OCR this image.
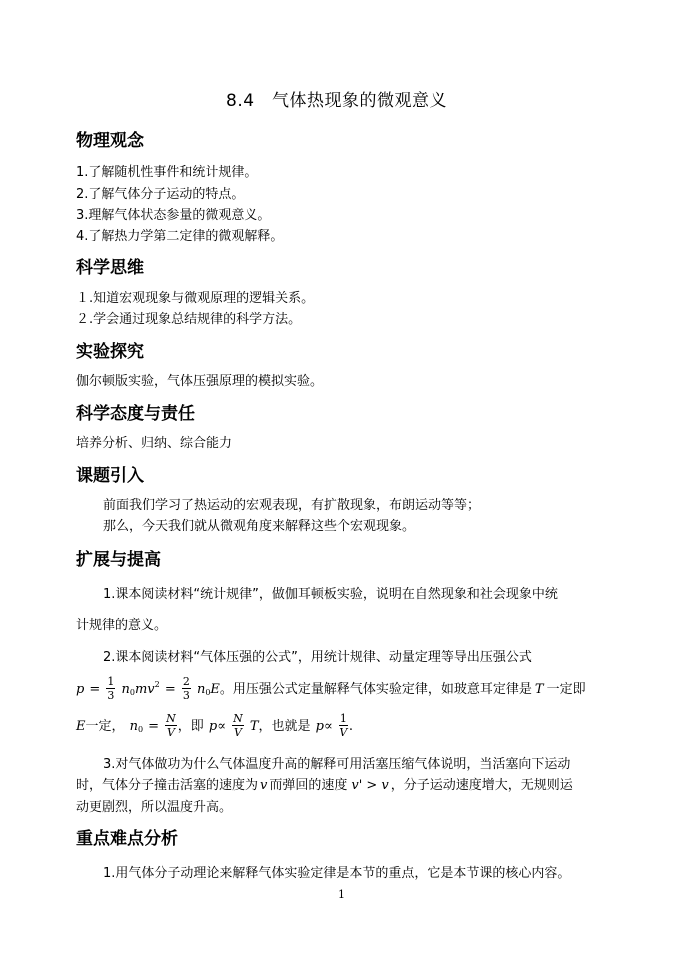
8.4　气体热现象的微观意义
物理观念
1.了解随机性事件和统计规律。
2.了解气体分子运动的特点。
3.理解气体状态参量的微观意义。
4.了解热力学第二定律的微观解释。
科学思维
１.知道宏观现象与微观原理的逻辑关系。
２.学会通过现象总结规律的科学方法。
实验探究
伽尔顿版实验，气体压强原理的模拟实验。
科学态度与责任
培养分析、归纳、综合能力
课题引入
前面我们学习了热运动的宏观表现，有扩散现象，布朗运动等等；
那么，今天我们就从微观角度来解释这些个宏观现象。
扩展与提高
1.课本阅读材料“统计规律”，做伽耳顿板实验，说明在自然现象和社会现象中统
计规律的意义。
2.课本阅读材料“气体压强的公式”，用统计规律、动量定理等导出压强公式
$p = \frac{1}{3} n_0mv^2 = \frac{2}{3} n_0E$。用压强公式定量解释气体实验定律，如玻意耳定律是 T 一定即
E一定， $n_0 = \frac{N}{V}$ ，即 $p\propto \frac{N}{V}$ T，也就是 $p\propto \frac{1}{V}$ .
3.对气体做功为什么气体温度升高的解释可用活塞压缩气体说明，当活塞向下运动
时，气体分子撞击活塞的速度为 v 而弹回的速度 v' > v ，分子运动速度增大，无规则运
动更剧烈，所以温度升高。
重点难点分析
1.用气体分子动理论来解释气体实验定律是本节的重点，它是本节课的核心内容。
1
